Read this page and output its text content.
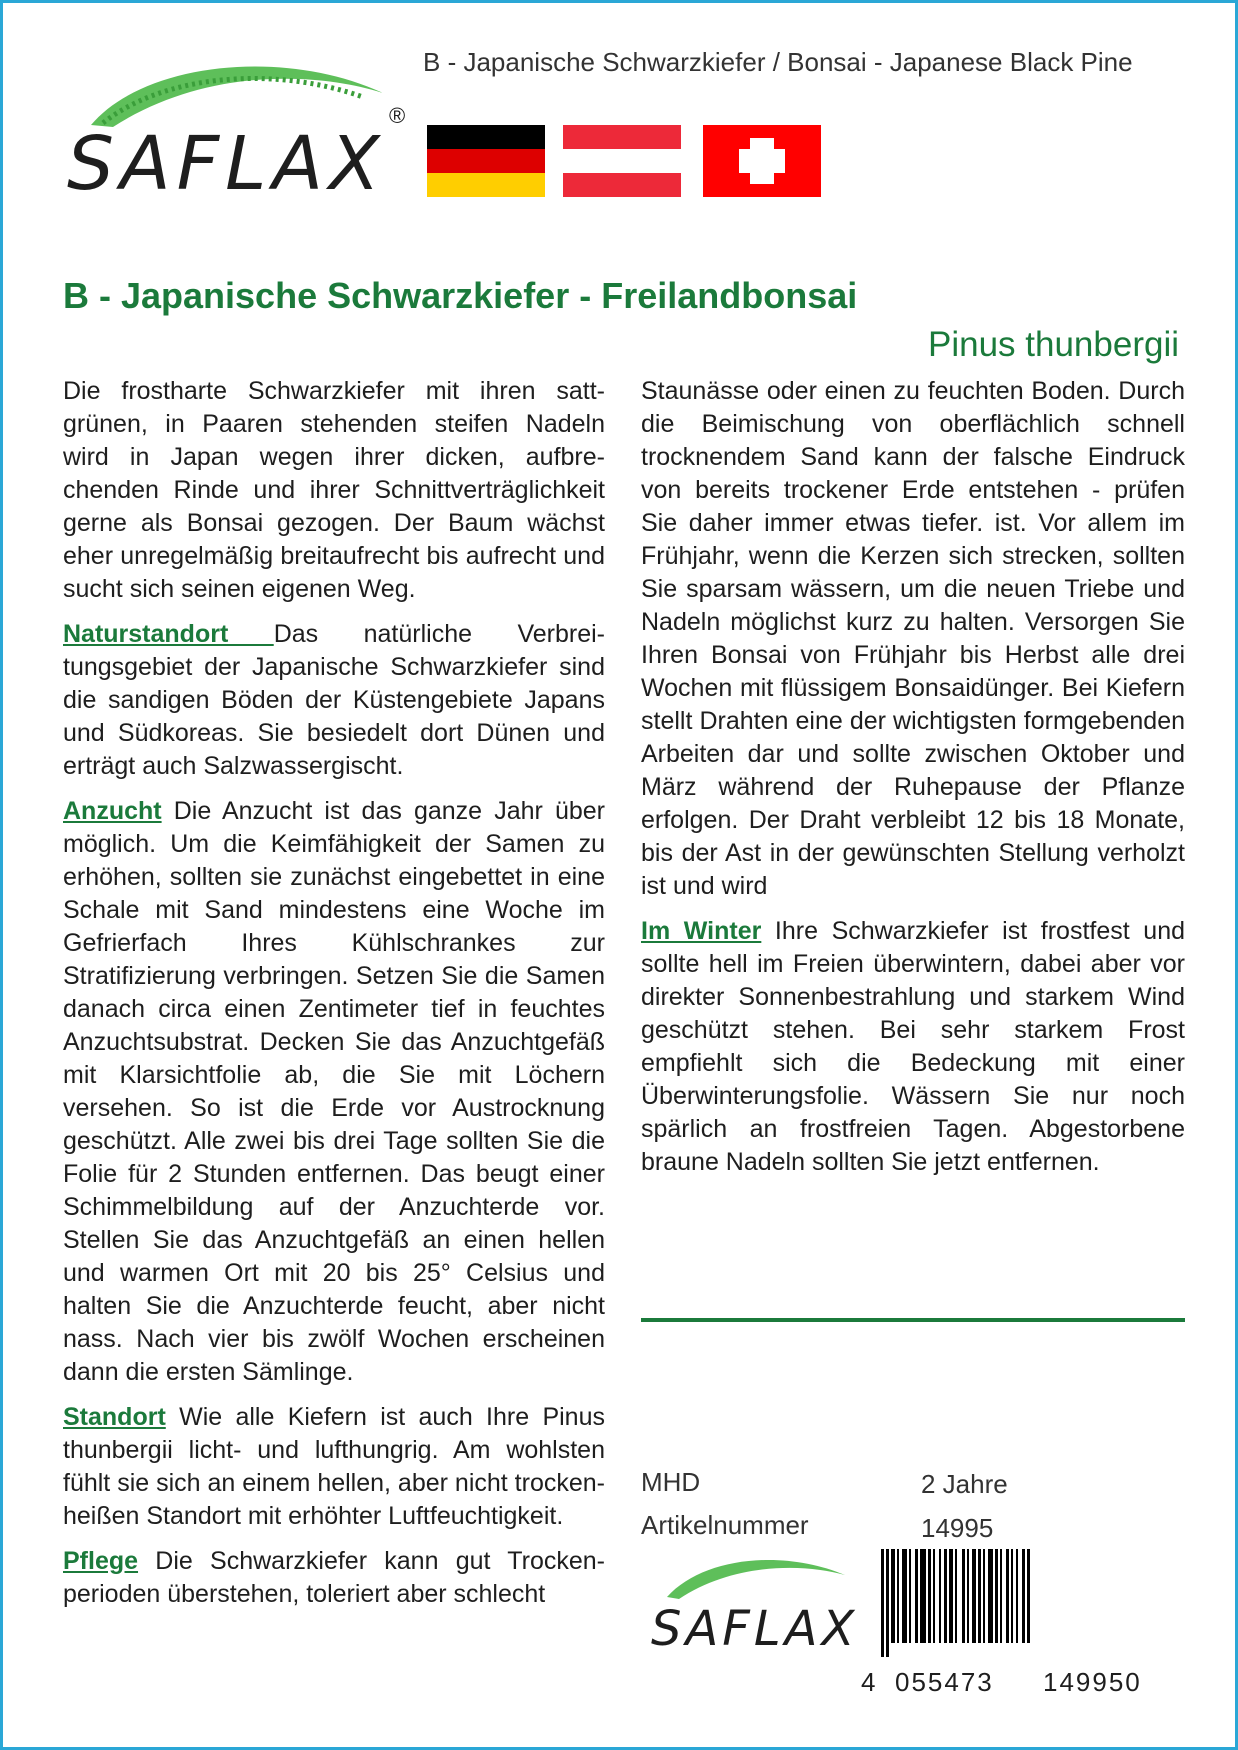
SAFLAX
®
B - Japanische Schwarzkiefer / Bonsai - Japanese Black Pine
B - Japanische Schwarzkiefer - Freilandbonsai
Pinus thunbergii

Die frostharte Schwarzkiefer mit ihren sattgrünen, in Paaren stehenden steifen Nadeln wird in Japan wegen ihrer dicken, aufbrechenden Rinde und ihrer Schnittverträglichkeit gerne als Bonsai gezogen. Der Baum wächst eher unregelmäßig breitaufrecht bis aufrecht und sucht sich seinen eigenen Weg.

Naturstandort Das natürliche Verbreitungsgebiet der Japanische Schwarzkiefer sind die sandigen Böden der Küstengebiete Japans und Südkoreas. Sie besiedelt dort Dünen und erträgt auch Salzwassergischt.

Anzucht Die Anzucht ist das ganze Jahr über möglich. Um die Keimfähigkeit der Samen zu erhöhen, sollten sie zunächst eingebettet in eine Schale mit Sand mindestens eine Woche im Gefrierfach Ihres Kühlschrankes zur Stratifizierung verbringen. Setzen Sie die Samen danach circa einen Zentimeter tief in feuchtes Anzuchtsubstrat. Decken Sie das Anzuchtgefäß mit Klarsichtfolie ab, die Sie mit Löchern versehen. So ist die Erde vor Austrocknung geschützt. Alle zwei bis drei Tage sollten Sie die Folie für 2 Stunden entfernen. Das beugt einer Schimmelbildung auf der Anzuchterde vor. Stellen Sie das Anzuchtgefäß an einen hellen und warmen Ort mit 20 bis 25° Celsius und halten Sie die Anzuchterde feucht, aber nicht nass. Nach vier bis zwölf Wochen erscheinen dann die ersten Sämlinge.

Standort Wie alle Kiefern ist auch Ihre Pinus thunbergii licht- und lufthungrig. Am wohlsten fühlt sie sich an einem hellen, aber nicht trocken-heißen Standort mit erhöhter Luftfeuchtigkeit.

Pflege Die Schwarzkiefer kann gut Trockenperioden überstehen, toleriert aber schlecht

Staunässe oder einen zu feuchten Boden. Durch die Beimischung von oberflächlich schnell trocknendem Sand kann der falsche Eindruck von bereits trockener Erde entstehen - prüfen Sie daher immer etwas tiefer. ist. Vor allem im Frühjahr, wenn die Kerzen sich strecken, sollten Sie sparsam wässern, um die neuen Triebe und Nadeln möglichst kurz zu halten. Versorgen Sie Ihren Bonsai von Frühjahr bis Herbst alle drei Wochen mit flüssigem Bonsaidünger. Bei Kiefern stellt Drahten eine der wichtigsten formgebenden Arbeiten dar und sollte zwischen Oktober und März während der Ruhepause der Pflanze erfolgen. Der Draht verbleibt 12 bis 18 Monate, bis der Ast in der gewünschten Stellung verholzt ist und wird

Im Winter Ihre Schwarzkiefer ist frostfest und sollte hell im Freien überwintern, dabei aber vor direkter Sonnenbestrahlung und starkem Wind geschützt stehen. Bei sehr starkem Frost empfiehlt sich die Bedeckung mit einer Überwinterungsfolie. Wässern Sie nur noch spärlich an frostfreien Tagen. Abgestorbene braune Nadeln sollten Sie jetzt entfernen.

MHD	2 Jahre
Artikelnummer	14995
SAFLAX
4 055473 149950
